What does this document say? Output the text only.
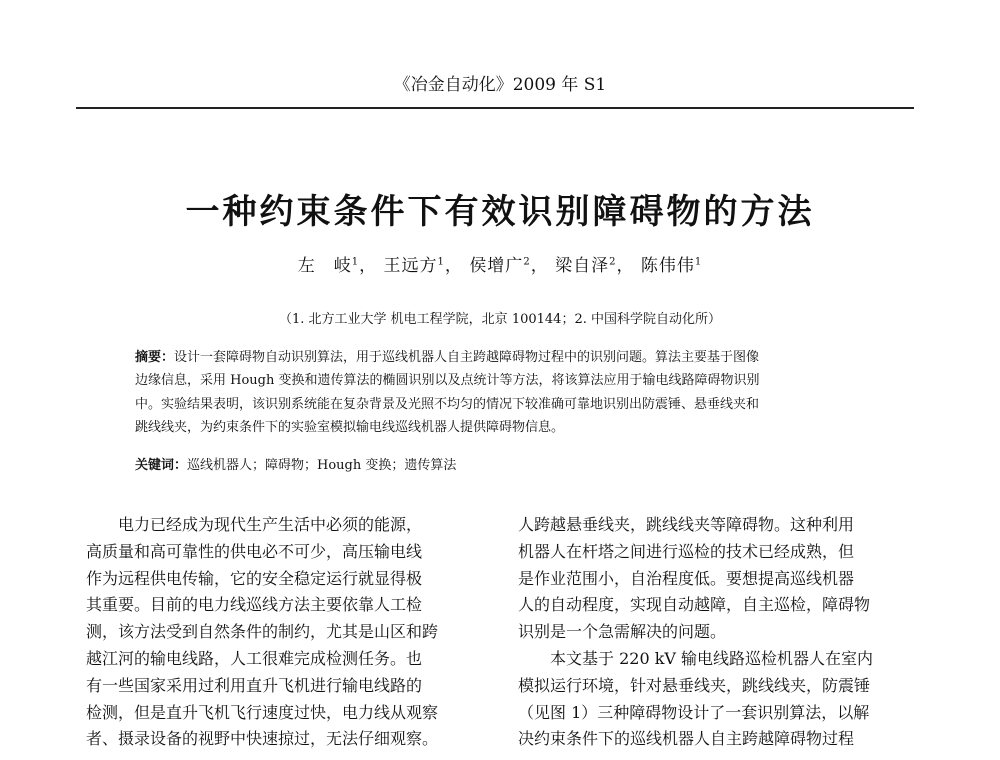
《冶金自动化》2009 年 S1
一种约束条件下有效识别障碍物的方法
左　岐$^1$， 王远方$^1$， 侯增广$^2$， 梁自泽$^2$， 陈伟伟$^1$
（1. 北方工业大学 机电工程学院，北京 100144；2. 中国科学院自动化所）
摘要：设计一套障碍物自动识别算法，用于巡线机器人自主跨越障碍物过程中的识别问题。算法主要基于图像
边缘信息，采用 Hough 变换和遗传算法的椭圆识别以及点统计等方法，将该算法应用于输电线路障碍物识别
中。实验结果表明，该识别系统能在复杂背景及光照不均匀的情况下较准确可靠地识别出防震锤、悬垂线夹和
跳线线夹，为约束条件下的实验室模拟输电线巡线机器人提供障碍物信息。
关键词：巡线机器人；障碍物；Hough 变换；遗传算法
电力已经成为现代生产生活中必须的能源，
高质量和高可靠性的供电必不可少，高压输电线
作为远程供电传输，它的安全稳定运行就显得极
其重要。目前的电力线巡线方法主要依靠人工检
测，该方法受到自然条件的制约，尤其是山区和跨
越江河的输电线路，人工很难完成检测任务。也
有一些国家采用过利用直升飞机进行输电线路的
检测，但是直升飞机飞行速度过快，电力线从观察
者、摄录设备的视野中快速掠过，无法仔细观察。
人跨越悬垂线夹，跳线线夹等障碍物。这种利用
机器人在杆塔之间进行巡检的技术已经成熟，但
是作业范围小，自治程度低。要想提高巡线机器
人的自动程度，实现自动越障，自主巡检，障碍物
识别是一个急需解决的问题。
本文基于 220 kV 输电线路巡检机器人在室内
模拟运行环境，针对悬垂线夹，跳线线夹，防震锤
（见图 1）三种障碍物设计了一套识别算法，以解
决约束条件下的巡线机器人自主跨越障碍物过程
